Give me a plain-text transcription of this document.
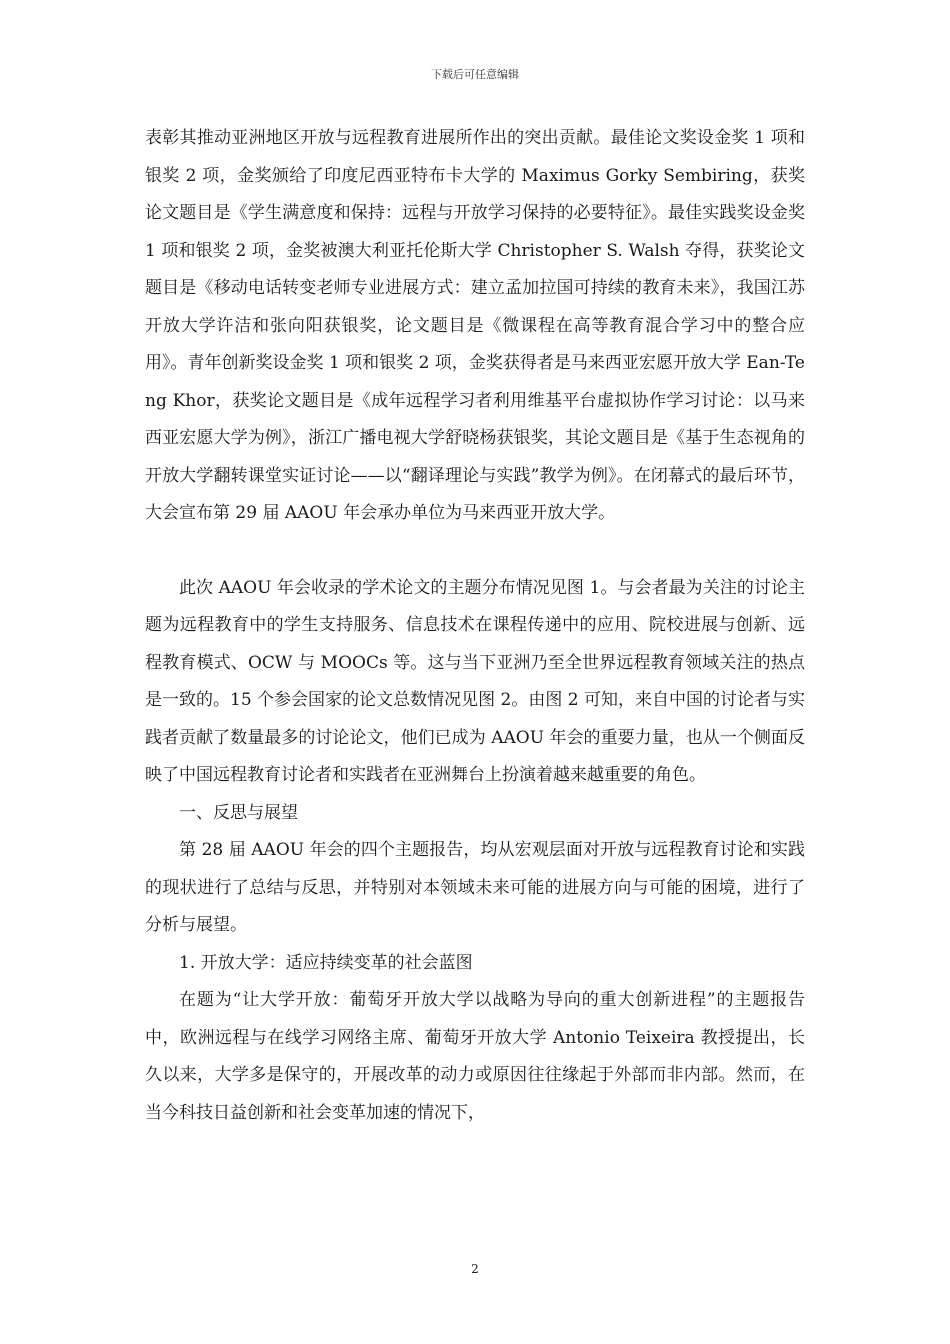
下载后可任意编辑

表彰其推动亚洲地区开放与远程教育进展所作出的突出贡献。最佳论文奖设金奖 1 项和银奖 2 项，金奖颁给了印度尼西亚特布卡大学的 Maximus Gorky Sembiring，获奖论文题目是《学生满意度和保持：远程与开放学习保持的必要特征》。最佳实践奖设金奖 1 项和银奖 2 项，金奖被澳大利亚托伦斯大学 Christopher S. Walsh 夺得，获奖论文题目是《移动电话转变老师专业进展方式：建立孟加拉国可持续的教育未来》，我国江苏开放大学许洁和张向阳获银奖，论文题目是《微课程在高等教育混合学习中的整合应用》。青年创新奖设金奖 1 项和银奖 2 项，金奖获得者是马来西亚宏愿开放大学 Ean-Teng Khor，获奖论文题目是《成年远程学习者利用维基平台虚拟协作学习讨论：以马来西亚宏愿大学为例》，浙江广播电视大学舒晓杨获银奖，其论文题目是《基于生态视角的开放大学翻转课堂实证讨论——以“翻译理论与实践”教学为例》。在闭幕式的最后环节，大会宣布第 29 届 AAOU 年会承办单位为马来西亚开放大学。

此次 AAOU 年会收录的学术论文的主题分布情况见图 1。与会者最为关注的讨论主题为远程教育中的学生支持服务、信息技术在课程传递中的应用、院校进展与创新、远程教育模式、OCW 与 MOOCs 等。这与当下亚洲乃至全世界远程教育领域关注的热点是一致的。15 个参会国家的论文总数情况见图 2。由图 2 可知，来自中国的讨论者与实践者贡献了数量最多的讨论论文，他们已成为 AAOU 年会的重要力量，也从一个侧面反映了中国远程教育讨论者和实践者在亚洲舞台上扮演着越来越重要的角色。

一、反思与展望

第 28 届 AAOU 年会的四个主题报告，均从宏观层面对开放与远程教育讨论和实践的现状进行了总结与反思，并特别对本领域未来可能的进展方向与可能的困境，进行了分析与展望。

1. 开放大学：适应持续变革的社会蓝图

在题为“让大学开放：葡萄牙开放大学以战略为导向的重大创新进程”的主题报告中，欧洲远程与在线学习网络主席、葡萄牙开放大学 Antonio Teixeira 教授提出，长久以来，大学多是保守的，开展改革的动力或原因往往缘起于外部而非内部。然而，在当今科技日益创新和社会变革加速的情况下，

2
